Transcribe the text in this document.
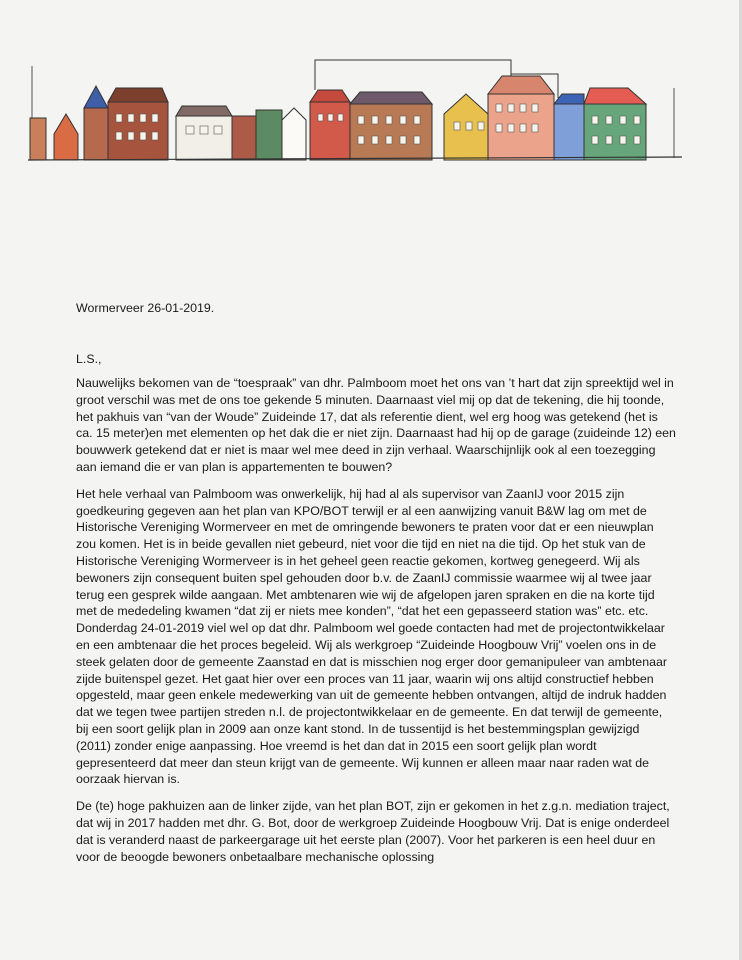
Wormerveer 26-01-2019.
L.S.,

Nauwelijks bekomen van de “toespraak” van dhr. Palmboom moet het ons van ’t hart dat zijn spreektijd wel in groot verschil was met de ons toe gekende 5 minuten. Daarnaast viel mij op dat de tekening, die hij toonde, het pakhuis van “van der Woude” Zuideinde 17, dat als referentie dient, wel erg hoog was getekend (het is ca. 15 meter)en met elementen op het dak die er niet zijn. Daarnaast had hij op de garage (zuideinde 12) een bouwwerk getekend dat er niet is maar wel mee deed in zijn verhaal. Waarschijnlijk ook al een toezegging aan iemand die er van plan is appartementen te bouwen?

Het hele verhaal van Palmboom was onwerkelijk, hij had al als supervisor van ZaanIJ voor 2015 zijn goedkeuring gegeven aan het plan van KPO/BOT terwijl er al een aanwijzing vanuit B&W lag om met de Historische Vereniging Wormerveer en met de omringende bewoners te praten voor dat er een nieuwplan zou komen. Het is in beide gevallen niet gebeurd, niet voor die tijd en niet na die tijd. Op het stuk van de Historische Vereniging Wormerveer is in het geheel geen reactie gekomen, kortweg genegeerd. Wij als bewoners zijn consequent buiten spel gehouden door b.v. de ZaanIJ commissie waarmee wij al twee jaar terug een gesprek wilde aangaan. Met ambtenaren wie wij de afgelopen jaren spraken en die na korte tijd met de mededeling kwamen “dat zij er niets mee konden”, “dat het een gepasseerd station was” etc. etc. Donderdag 24-01-2019 viel wel op dat dhr. Palmboom wel goede contacten had met de projectontwikkelaar en een ambtenaar die het proces begeleid. Wij als werkgroep “Zuideinde Hoogbouw Vrij” voelen ons in de steek gelaten door de gemeente Zaanstad en dat is misschien nog erger door gemanipuleer van ambtenaar zijde buitenspel gezet. Het gaat hier over een proces van 11 jaar, waarin wij ons altijd constructief hebben opgesteld, maar geen enkele medewerking van uit de gemeente hebben ontvangen, altijd de indruk hadden dat we tegen twee partijen streden n.l. de projectontwikkelaar en de gemeente. En dat terwijl de gemeente, bij een soort gelijk plan in 2009 aan onze kant stond. In de tussentijd is het bestemmingsplan gewijzigd (2011) zonder enige aanpassing. Hoe vreemd is het dan dat in 2015 een soort gelijk plan wordt gepresenteerd dat meer dan steun krijgt van de gemeente. Wij kunnen er alleen maar naar raden wat de oorzaak hiervan is.

De (te) hoge pakhuizen aan de linker zijde, van het plan BOT, zijn er gekomen in het z.g.n. mediation traject, dat wij in 2017 hadden met dhr. G. Bot, door de werkgroep Zuideinde Hoogbouw Vrij. Dat is enige onderdeel dat is veranderd naast de parkeergarage uit het eerste plan (2007). Voor het parkeren is een heel duur en voor de beoogde bewoners onbetaalbare mechanische oplossing
